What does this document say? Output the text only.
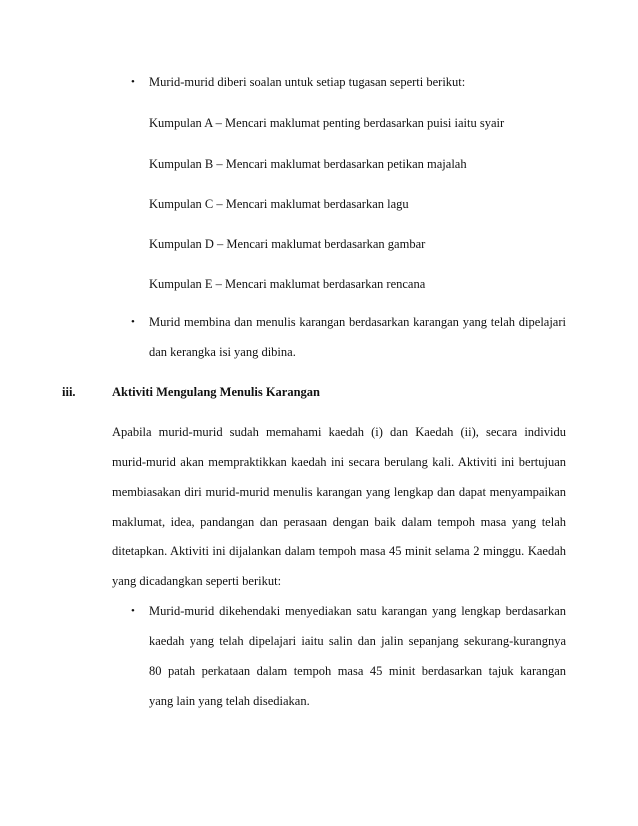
• Murid-murid diberi soalan untuk setiap tugasan seperti berikut:
Kumpulan A – Mencari maklumat penting berdasarkan puisi iaitu syair
Kumpulan B – Mencari maklumat berdasarkan petikan majalah
Kumpulan C – Mencari maklumat berdasarkan lagu
Kumpulan D – Mencari maklumat berdasarkan gambar
Kumpulan E – Mencari maklumat berdasarkan rencana
• Murid membina dan menulis karangan berdasarkan karangan yang telah dipelajari
dan kerangka isi yang dibina.
iii.	Aktiviti Mengulang Menulis Karangan
Apabila murid-murid sudah memahami kaedah (i) dan Kaedah (ii), secara individu
murid-murid akan mempraktikkan kaedah ini secara berulang kali. Aktiviti ini bertujuan
membiasakan diri murid-murid menulis karangan yang lengkap dan dapat menyampaikan
maklumat, idea, pandangan dan perasaan dengan baik dalam tempoh masa yang telah
ditetapkan. Aktiviti ini dijalankan dalam tempoh masa 45 minit selama 2 minggu. Kaedah
yang dicadangkan seperti berikut:
• Murid-murid dikehendaki menyediakan satu karangan yang lengkap berdasarkan
kaedah yang telah dipelajari iaitu salin dan jalin sepanjang sekurang-kurangnya
80 patah perkataan dalam tempoh masa 45 minit berdasarkan tajuk karangan
yang lain yang telah disediakan.
